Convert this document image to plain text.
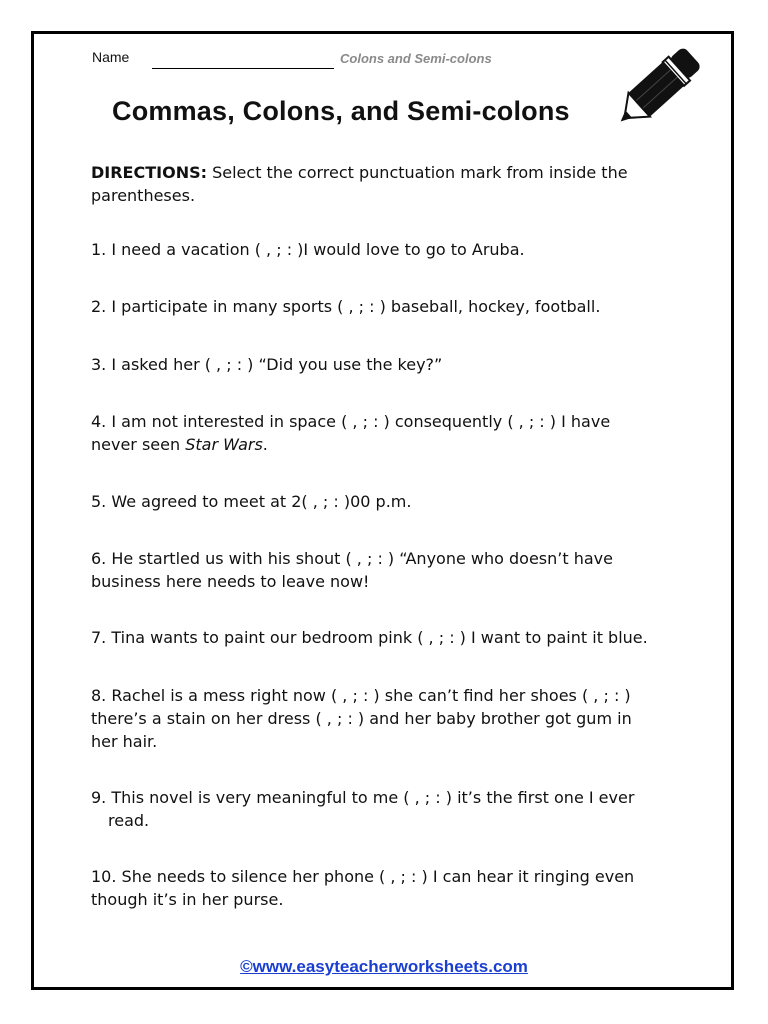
Name	Colons and Semi-colons
Commas, Colons, and Semi-colons
DIRECTIONS: Select the correct punctuation mark from inside the parentheses.
1. I need a vacation ( , ; : )I would love to go to Aruba.
2. I participate in many sports ( , ; : ) baseball, hockey, football.
3. I asked her ( , ; : ) “Did you use the key?”
4. I am not interested in space ( , ; : ) consequently ( , ; : ) I have
never seen Star Wars.
5. We agreed to meet at 2( , ; : )00 p.m.
6. He startled us with his shout ( , ; : ) “Anyone who doesn’t have
business here needs to leave now!
7. Tina wants to paint our bedroom pink ( , ; : ) I want to paint it blue.
8. Rachel is a mess right now ( , ; : ) she can’t find her shoes ( , ; : )
there’s a stain on her dress ( , ; : ) and her baby brother got gum in
her hair.
9. This novel is very meaningful to me ( , ; : ) it’s the first one I ever
read.
10. She needs to silence her phone ( , ; : ) I can hear it ringing even
though it’s in her purse.
©www.easyteacherworksheets.com
